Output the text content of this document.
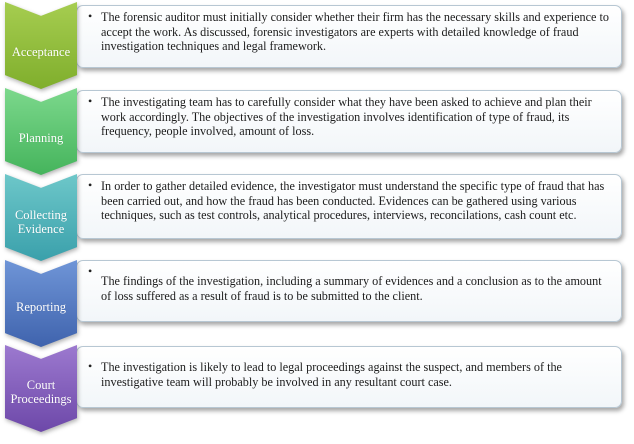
• The forensic auditor must initially consider whether their firm has the necessary skills and experience to accept the work. As discussed, forensic investigators are experts with detailed knowledge of fraud investigation techniques and legal framework.
Acceptance
• The investigating team has to carefully consider what they have been asked to achieve and plan their work accordingly. The objectives of the investigation involves identification of type of fraud, its frequency, people involved, amount of loss.
Planning
• In order to gather detailed evidence, the investigator must understand the specific type of fraud that has been carried out, and how the fraud has been conducted. Evidences can be gathered using various techniques, such as test controls, analytical procedures, interviews, reconcilations, cash count etc.
Collecting
Evidence
•
The findings of the investigation, including a summary of evidences and a conclusion as to the amount of loss suffered as a result of fraud is to be submitted to the client.
Reporting
• The investigation is likely to lead to legal proceedings against the suspect, and members of the investigative team will probably be involved in any resultant court case.
Court
Proceedings
